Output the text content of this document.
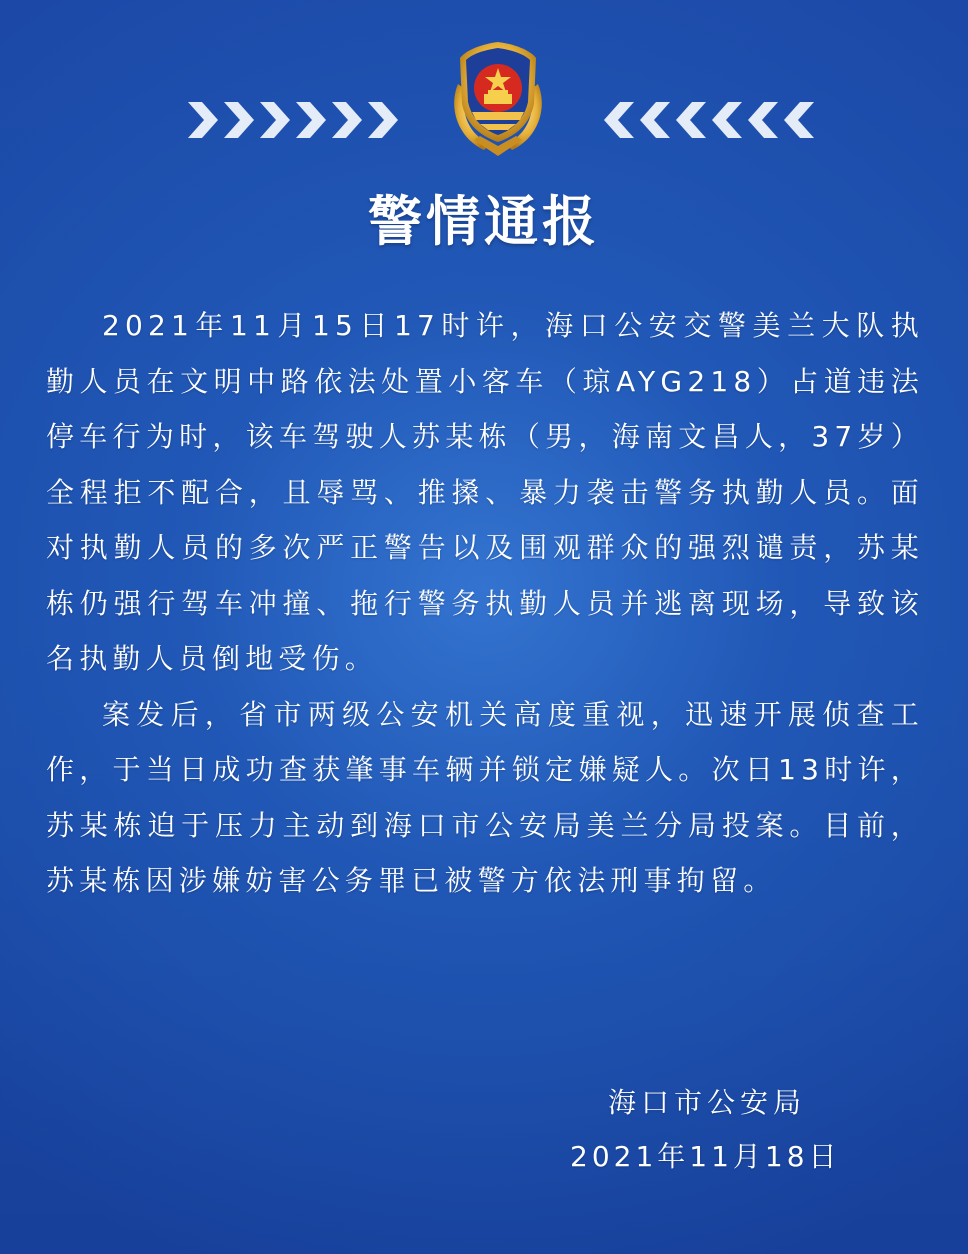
警情通报

2021年11月15日17时许，海口公安交警美兰大队执勤人员在文明中路依法处置小客车（琼AYG218）占道违法停车行为时，该车驾驶人苏某栋（男，海南文昌人，37岁）全程拒不配合，且辱骂、推搡、暴力袭击警务执勤人员。面对执勤人员的多次严正警告以及围观群众的强烈谴责，苏某栋仍强行驾车冲撞、拖行警务执勤人员并逃离现场，导致该名执勤人员倒地受伤。

案发后，省市两级公安机关高度重视，迅速开展侦查工作，于当日成功查获肇事车辆并锁定嫌疑人。次日13时许，苏某栋迫于压力主动到海口市公安局美兰分局投案。目前，苏某栋因涉嫌妨害公务罪已被警方依法刑事拘留。

海口市公安局
2021年11月18日
